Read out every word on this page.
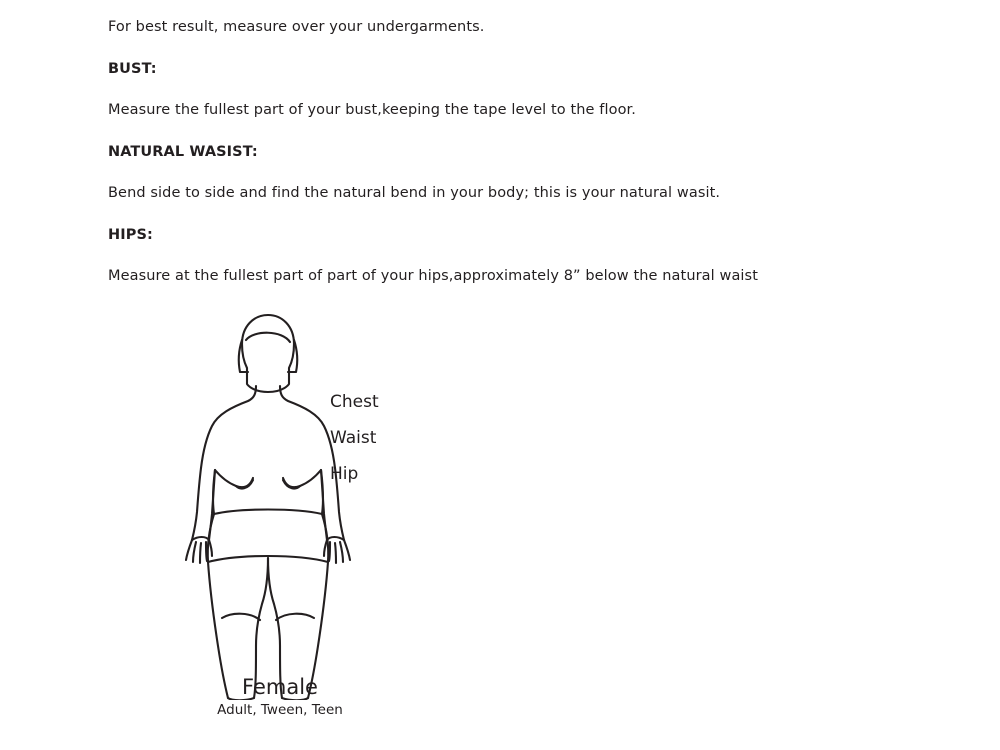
For best result, measure over your undergarments.

BUST:

Measure the fullest part of your bust,keeping the tape level to the floor.

NATURAL WASIST:

Bend side to side and find the natural bend in your body; this is your natural wasit.

HIPS:

Measure at the fullest part of part of your hips,approximately 8” below the natural waist

Chest
Waist
Hip
Female
Adult, Tween, Teen
